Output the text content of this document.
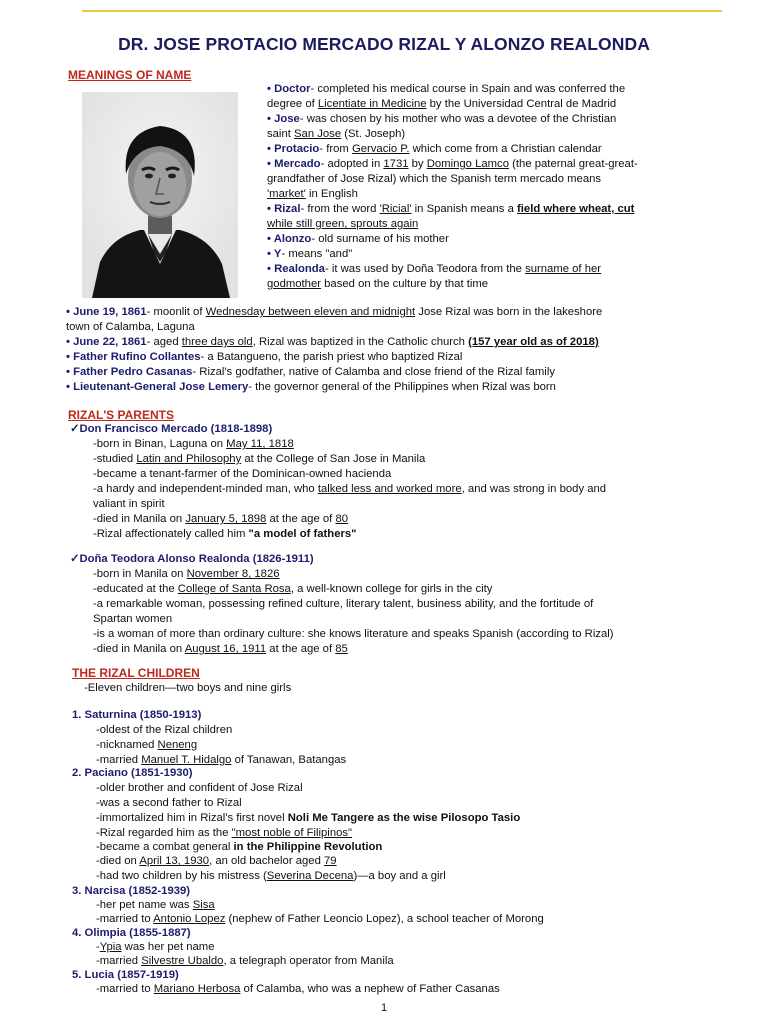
DR. JOSE PROTACIO MERCADO RIZAL Y ALONZO REALONDA
MEANINGS OF NAME
• Doctor- completed his medical course in Spain and was conferred the
degree of Licentiate in Medicine by the Universidad Central de Madrid
• Jose- was chosen by his mother who was a devotee of the Christian
saint San Jose (St. Joseph)
• Protacio- from Gervacio P. which come from a Christian calendar
• Mercado- adopted in 1731 by Domingo Lamco (the paternal great-great-
grandfather of Jose Rizal) which the Spanish term mercado means
'market' in English
• Rizal- from the word 'Ricial' in Spanish means a field where wheat, cut
while still green, sprouts again
• Alonzo- old surname of his mother
• Y- means "and"
• Realonda- it was used by Doña Teodora from the surname of her
godmother based on the culture by that time
• June 19, 1861- moonlit of Wednesday between eleven and midnight Jose Rizal was born in the lakeshore
town of Calamba, Laguna
• June 22, 1861- aged three days old, Rizal was baptized in the Catholic church (157 year old as of 2018)
• Father Rufino Collantes- a Batangueno, the parish priest who baptized Rizal
• Father Pedro Casanas- Rizal's godfather, native of Calamba and close friend of the Rizal family
• Lieutenant-General Jose Lemery- the governor general of the Philippines when Rizal was born
RIZAL'S PARENTS
✓Don Francisco Mercado (1818-1898)
-born in Binan, Laguna on May 11, 1818
-studied Latin and Philosophy at the College of San Jose in Manila
-became a tenant-farmer of the Dominican-owned hacienda
-a hardy and independent-minded man, who talked less and worked more, and was strong in body and
valiant in spirit
-died in Manila on January 5, 1898 at the age of 80
-Rizal affectionately called him "a model of fathers"
✓Doña Teodora Alonso Realonda (1826-1911)
-born in Manila on November 8, 1826
-educated at the College of Santa Rosa, a well-known college for girls in the city
-a remarkable woman, possessing refined culture, literary talent, business ability, and the fortitude of
Spartan women
-is a woman of more than ordinary culture: she knows literature and speaks Spanish (according to Rizal)
-died in Manila on August 16, 1911 at the age of 85
THE RIZAL CHILDREN
-Eleven children—two boys and nine girls
1. Saturnina (1850-1913)
-oldest of the Rizal children
-nicknamed Neneng
-married Manuel T. Hidalgo of Tanawan, Batangas
2. Paciano (1851-1930)
-older brother and confident of Jose Rizal
-was a second father to Rizal
-immortalized him in Rizal's first novel Noli Me Tangere as the wise Pilosopo Tasio
-Rizal regarded him as the "most noble of Filipinos"
-became a combat general in the Philippine Revolution
-died on April 13, 1930, an old bachelor aged 79
-had two children by his mistress (Severina Decena)—a boy and a girl
3. Narcisa (1852-1939)
-her pet name was Sisa
-married to Antonio Lopez (nephew of Father Leoncio Lopez), a school teacher of Morong
4. Olimpia (1855-1887)
-Ypia was her pet name
-married Silvestre Ubaldo, a telegraph operator from Manila
5. Lucia (1857-1919)
-married to Mariano Herbosa of Calamba, who was a nephew of Father Casanas
1
